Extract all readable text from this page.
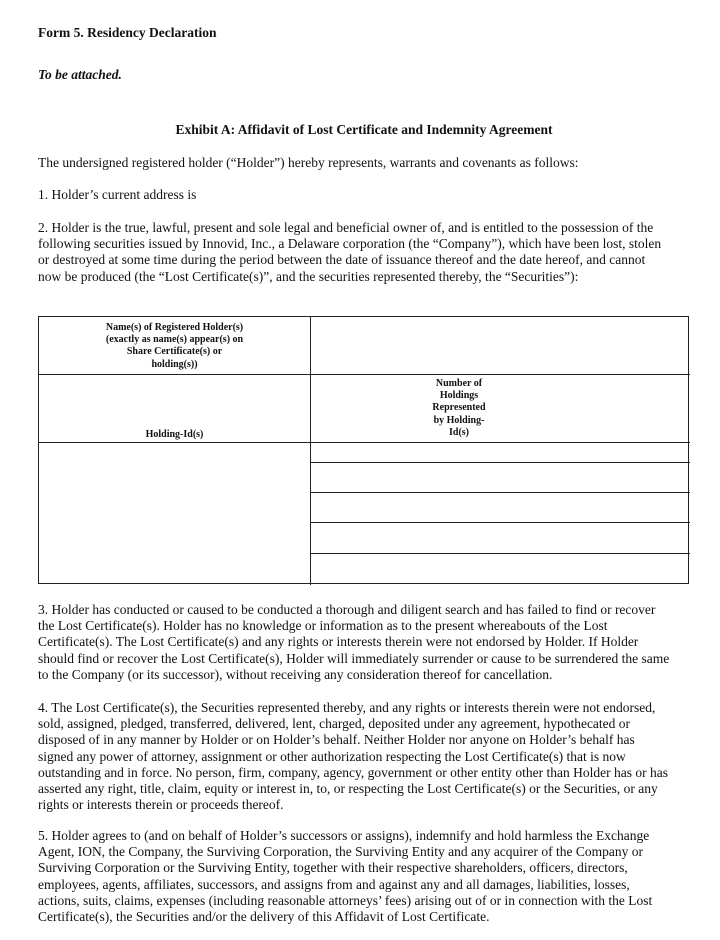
Form 5. Residency Declaration

To be attached.

Exhibit A: Affidavit of Lost Certificate and Indemnity Agreement

The undersigned registered holder (“Holder”) hereby represents, warrants and covenants as follows:

1. Holder’s current address is

2. Holder is the true, lawful, present and sole legal and beneficial owner of, and is entitled to the possession of the

following securities issued by Innovid, Inc., a Delaware corporation (the “Company”), which have been lost, stolen

or destroyed at some time during the period between the date of issuance thereof and the date hereof, and cannot

now be produced (the “Lost Certificate(s)”, and the securities represented thereby, the “Securities”):

Name(s) of Registered Holder(s)
(exactly as name(s) appear(s) on
Share Certificate(s) or
holding(s))
Holding-Id(s)
Number of
Holdings
Represented
by Holding-
Id(s)

3. Holder has conducted or caused to be conducted a thorough and diligent search and has failed to find or recover

the Lost Certificate(s). Holder has no knowledge or information as to the present whereabouts of the Lost

Certificate(s). The Lost Certificate(s) and any rights or interests therein were not endorsed by Holder. If Holder

should find or recover the Lost Certificate(s), Holder will immediately surrender or cause to be surrendered the same

to the Company (or its successor), without receiving any consideration thereof for cancellation.

4. The Lost Certificate(s), the Securities represented thereby, and any rights or interests therein were not endorsed,

sold, assigned, pledged, transferred, delivered, lent, charged, deposited under any agreement, hypothecated or

disposed of in any manner by Holder or on Holder’s behalf. Neither Holder nor anyone on Holder’s behalf has

signed any power of attorney, assignment or other authorization respecting the Lost Certificate(s) that is now

outstanding and in force. No person, firm, company, agency, government or other entity other than Holder has or has

asserted any right, title, claim, equity or interest in, to, or respecting the Lost Certificate(s) or the Securities, or any

rights or interests therein or proceeds thereof.

5. Holder agrees to (and on behalf of Holder’s successors or assigns), indemnify and hold harmless the Exchange

Agent, ION, the Company, the Surviving Corporation, the Surviving Entity and any acquirer of the Company or

Surviving Corporation or the Surviving Entity, together with their respective shareholders, officers, directors,

employees, agents, affiliates, successors, and assigns from and against any and all damages, liabilities, losses,

actions, suits, claims, expenses (including reasonable attorneys’ fees) arising out of or in connection with the Lost

Certificate(s), the Securities and/or the delivery of this Affidavit of Lost Certificate.
